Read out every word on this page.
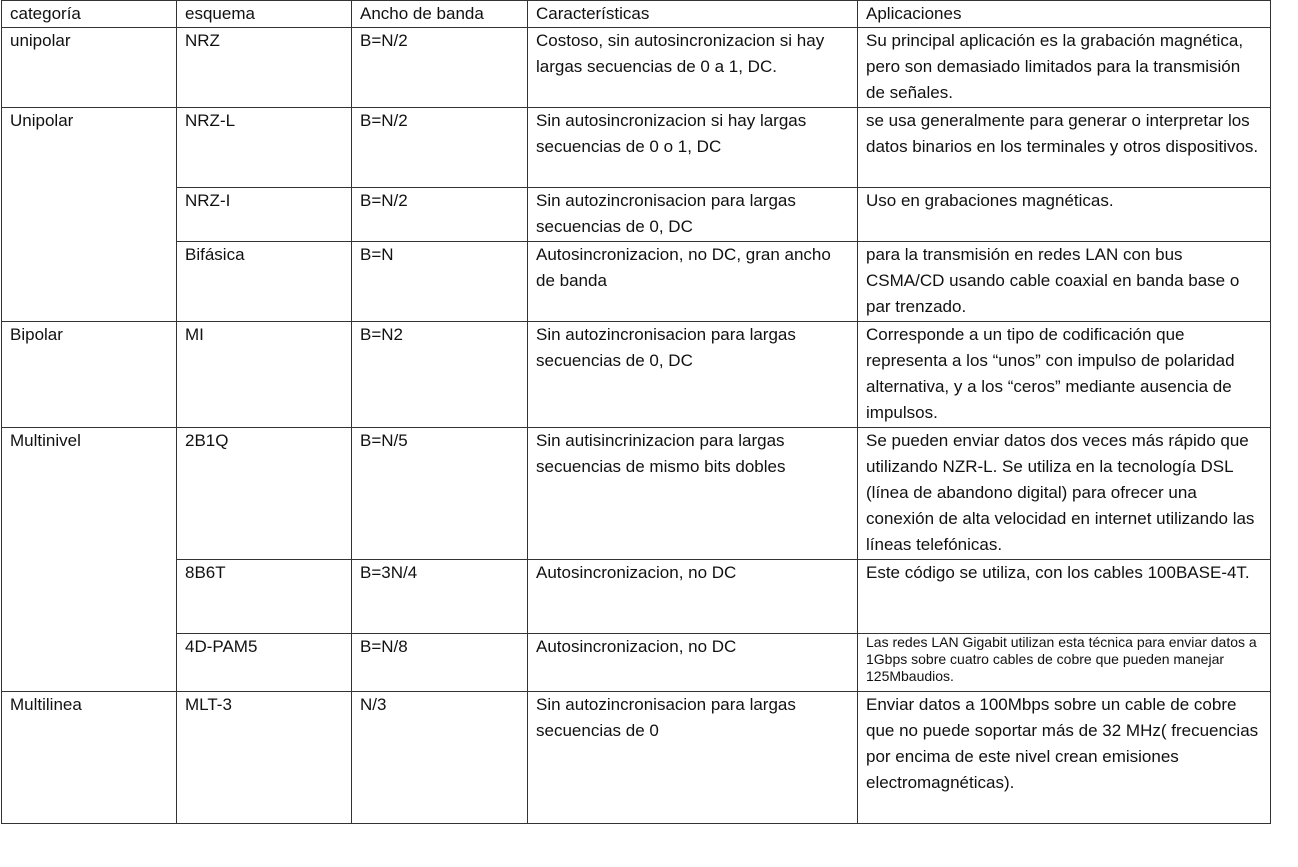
categoría	esquema	Ancho de banda	Características	Aplicaciones
unipolar	NRZ	B=N/2	Costoso, sin autosincronizacion si hay largas secuencias de 0 a 1, DC.	Su principal aplicación es la grabación magnética, pero son demasiado limitados para la transmisión de señales.
Unipolar	NRZ-L	B=N/2	Sin autosincronizacion si hay largas secuencias de 0 o 1, DC	se usa generalmente para generar o interpretar los datos binarios en los terminales y otros dispositivos.
	NRZ-I	B=N/2	Sin autozincronisacion para largas secuencias de 0, DC	Uso en grabaciones magnéticas.
	Bifásica	B=N	Autosincronizacion, no DC, gran ancho de banda	para la transmisión en redes LAN con bus CSMA/CD usando cable coaxial en banda base o par trenzado.
Bipolar	MI	B=N2	Sin autozincronisacion para largas secuencias de 0, DC	Corresponde a un tipo de codificación que representa a los “unos” con impulso de polaridad alternativa, y a los “ceros” mediante ausencia de impulsos.
Multinivel	2B1Q	B=N/5	Sin autisincrinizacion para largas secuencias de mismo bits dobles	Se pueden enviar datos dos veces más rápido que utilizando NZR-L. Se utiliza en la tecnología DSL (línea de abandono digital) para ofrecer una conexión de alta velocidad en internet utilizando las líneas telefónicas.
	8B6T	B=3N/4	Autosincronizacion, no DC	Este código se utiliza, con los cables 100BASE-4T.
	4D-PAM5	B=N/8	Autosincronizacion, no DC	Las redes LAN Gigabit utilizan esta técnica para enviar datos a 1Gbps sobre cuatro cables de cobre que pueden manejar 125Mbaudios.
Multilinea	MLT-3	N/3	Sin autozincronisacion para largas secuencias de 0	Enviar datos a 100Mbps sobre un cable de cobre que no puede soportar más de 32 MHz( frecuencias por encima de este nivel crean emisiones electromagnéticas).
